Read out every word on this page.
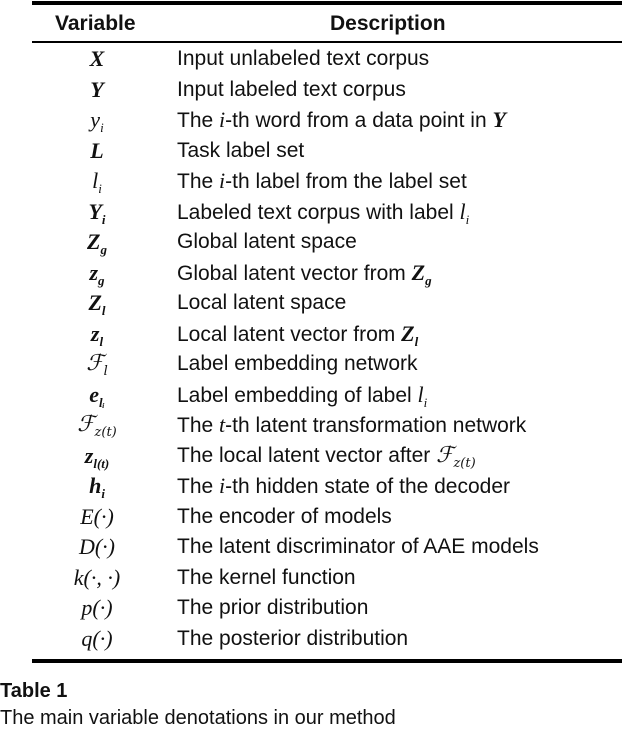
Variable	Description
X	Input unlabeled text corpus
Y	Input labeled text corpus
$y_i$	The i-th word from a data point in Y
L	Task label set
$l_i$	The i-th label from the label set
$Y_i$	Labeled text corpus with label $l_i$
$Z_g$	Global latent space
$z_g$	Global latent vector from $Z_g$
$Z_l$	Local latent space
$z_l$	Local latent vector from $Z_l$
ℱ$_l$	Label embedding network
$e_{lᵢ}$	Label embedding of label $l_i$
ℱ$_{z(t)}$	The t-th latent transformation network
$z_{l(t)}$	The local latent vector after ℱ$_{z(t)}$
$h_i$	The i-th hidden state of the decoder
E(·)	The encoder of models
D(·)	The latent discriminator of AAE models
k(·, ·)	The kernel function
p(·)	The prior distribution
q(·)	The posterior distribution
Table 1
The main variable denotations in our method
